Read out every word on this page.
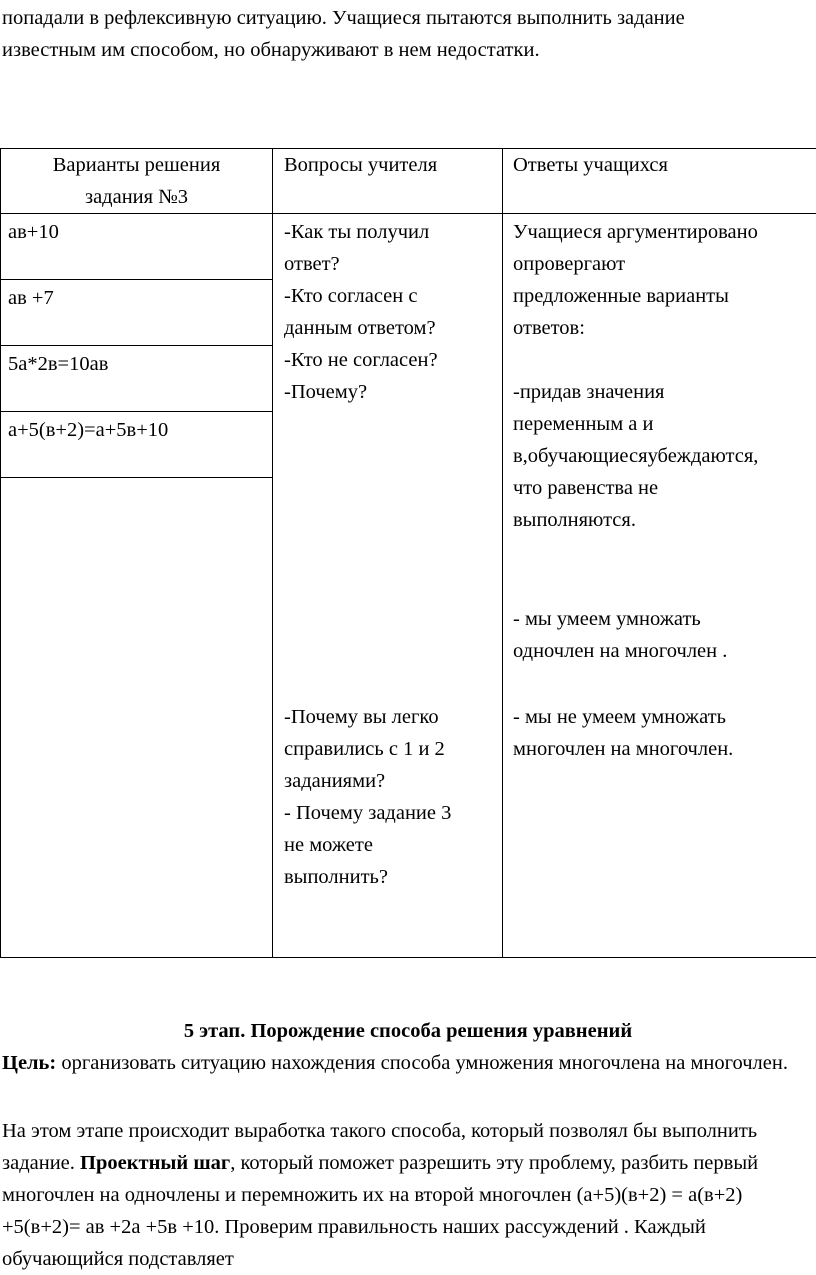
попадали в рефлексивную ситуацию. Учащиеся пытаются выполнить задание
известным им способом, но обнаруживают в нем недостатки.

Варианты решения
задания №3
Вопросы учителя	Ответы учащихся
ав+10
ав +7
5а*2в=10ав
а+5(в+2)=а+5в+10
-Как ты получил
ответ?
-Кто согласен с
данным ответом?
-Кто не согласен?
-Почему?
-Почему вы легко
справились с 1 и 2
заданиями?
- Почему задание 3
не можете
выполнить?
Учащиеся аргументировано
опровергают
предложенные варианты
ответов:
-придав значения
переменным а и
в,обучающиесяубеждаются,
что равенства не
выполняются.
- мы умеем умножать
одночлен на многочлен .
- мы не умеем умножать
многочлен на многочлен.

5 этап. Порождение способа решения уравнений

Цель: организовать ситуацию нахождения способа умножения многочлена на многочлен.

На этом этапе происходит выработка такого способа, который позволял бы выполнить задание. Проектный шаг, который поможет разрешить эту проблему, разбить первый многочлен на одночлены и перемножить их на второй многочлен (а+5)(в+2) = а(в+2) +5(в+2)= ав +2а +5в +10. Проверим правильность наших рассуждений . Каждый обучающийся подставляет
